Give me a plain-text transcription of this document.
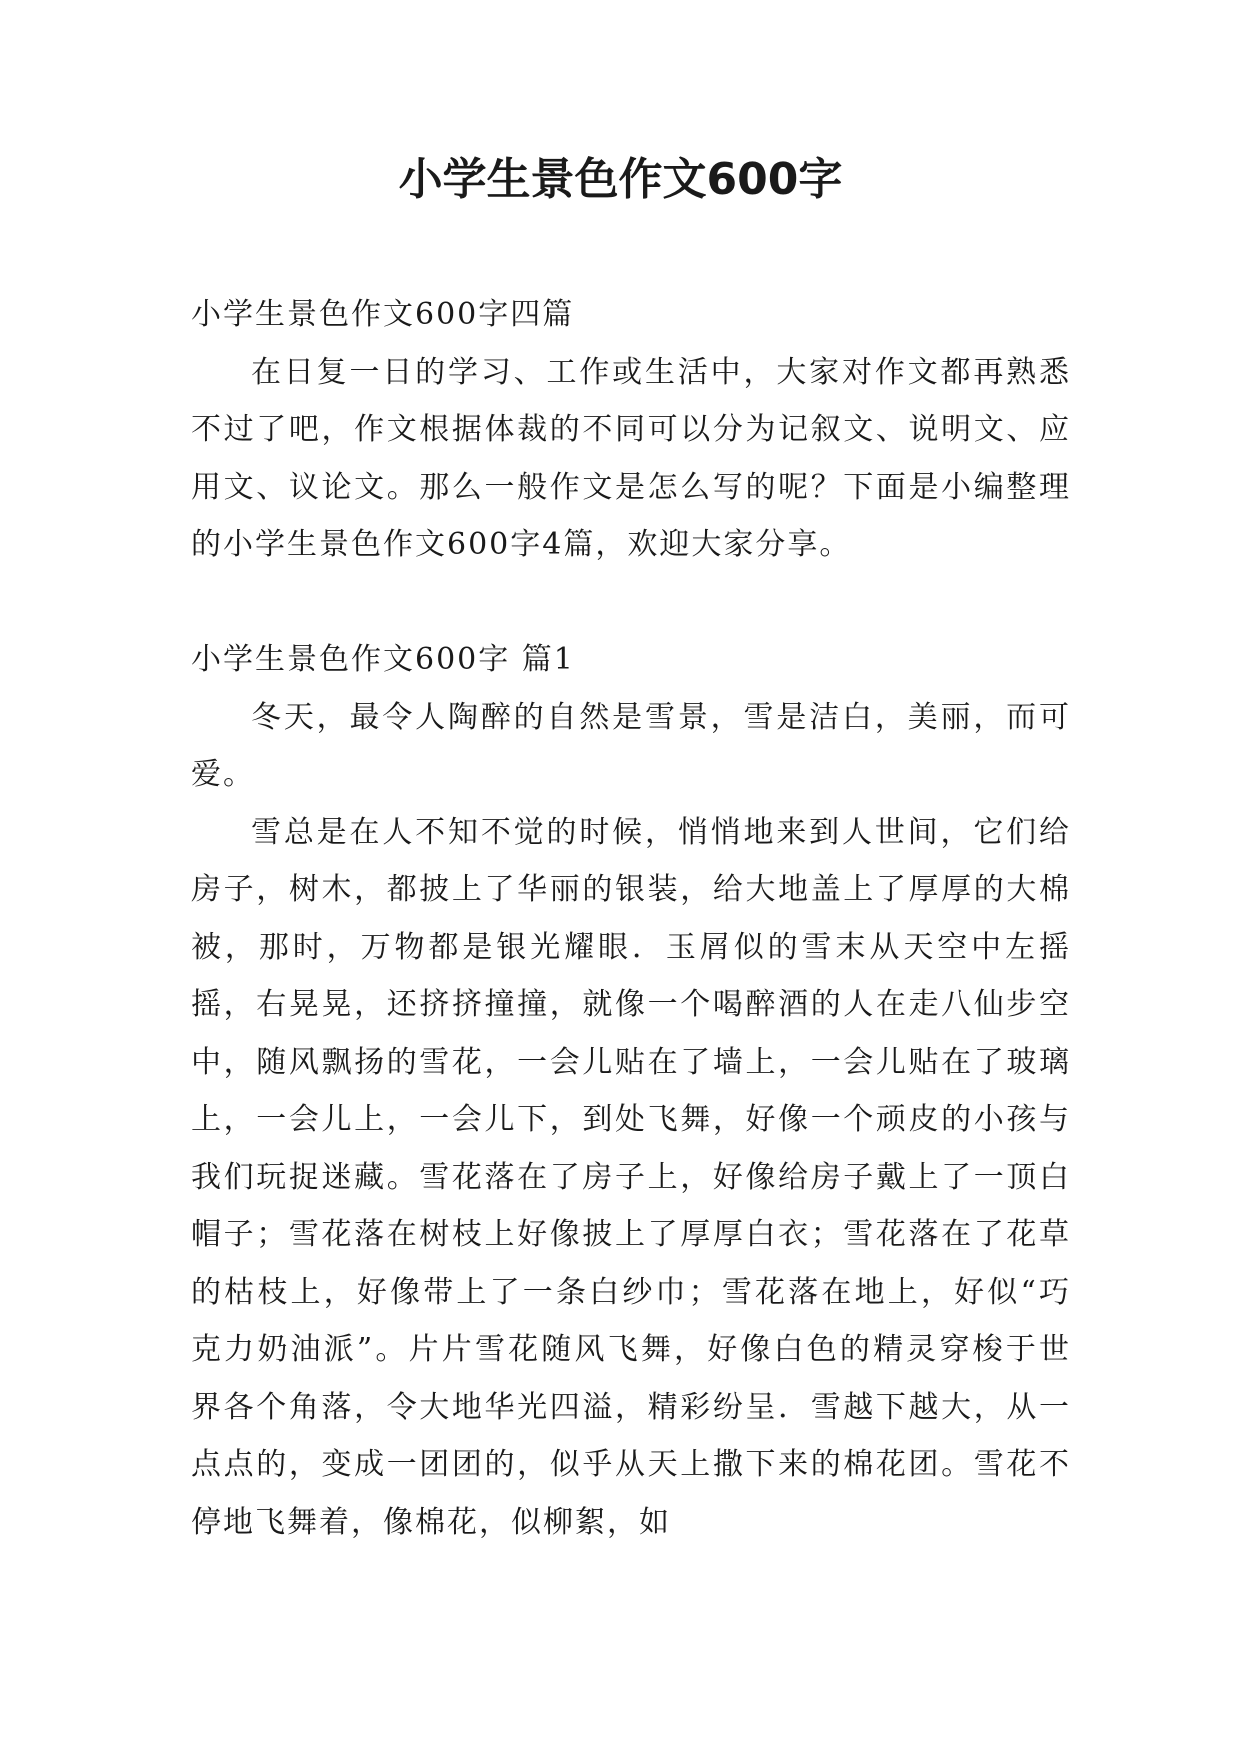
小学生景色作文600字

小学生景色作文600字四篇

在日复一日的学习、工作或生活中，大家对作文都再熟悉不过了吧，作文根据体裁的不同可以分为记叙文、说明文、应用文、议论文。那么一般作文是怎么写的呢？下面是小编整理的小学生景色作文600字4篇，欢迎大家分享。

小学生景色作文600字 篇1

冬天，最令人陶醉的自然是雪景，雪是洁白，美丽，而可爱。

雪总是在人不知不觉的时候，悄悄地来到人世间，它们给房子，树木，都披上了华丽的银装，给大地盖上了厚厚的大棉被，那时，万物都是银光耀眼．玉屑似的雪末从天空中左摇摇，右晃晃，还挤挤撞撞，就像一个喝醉酒的人在走八仙步空中，随风飘扬的雪花，一会儿贴在了墙上，一会儿贴在了玻璃上，一会儿上，一会儿下，到处飞舞，好像一个顽皮的小孩与我们玩捉迷藏。雪花落在了房子上，好像给房子戴上了一顶白帽子；雪花落在树枝上好像披上了厚厚白衣；雪花落在了花草的枯枝上，好像带上了一条白纱巾；雪花落在地上，好似“巧克力奶油派”。片片雪花随风飞舞，好像白色的精灵穿梭于世界各个角落，令大地华光四溢，精彩纷呈．雪越下越大，从一点点的，变成一团团的，似乎从天上撒下来的棉花团。雪花不停地飞舞着，像棉花，似柳絮，如
